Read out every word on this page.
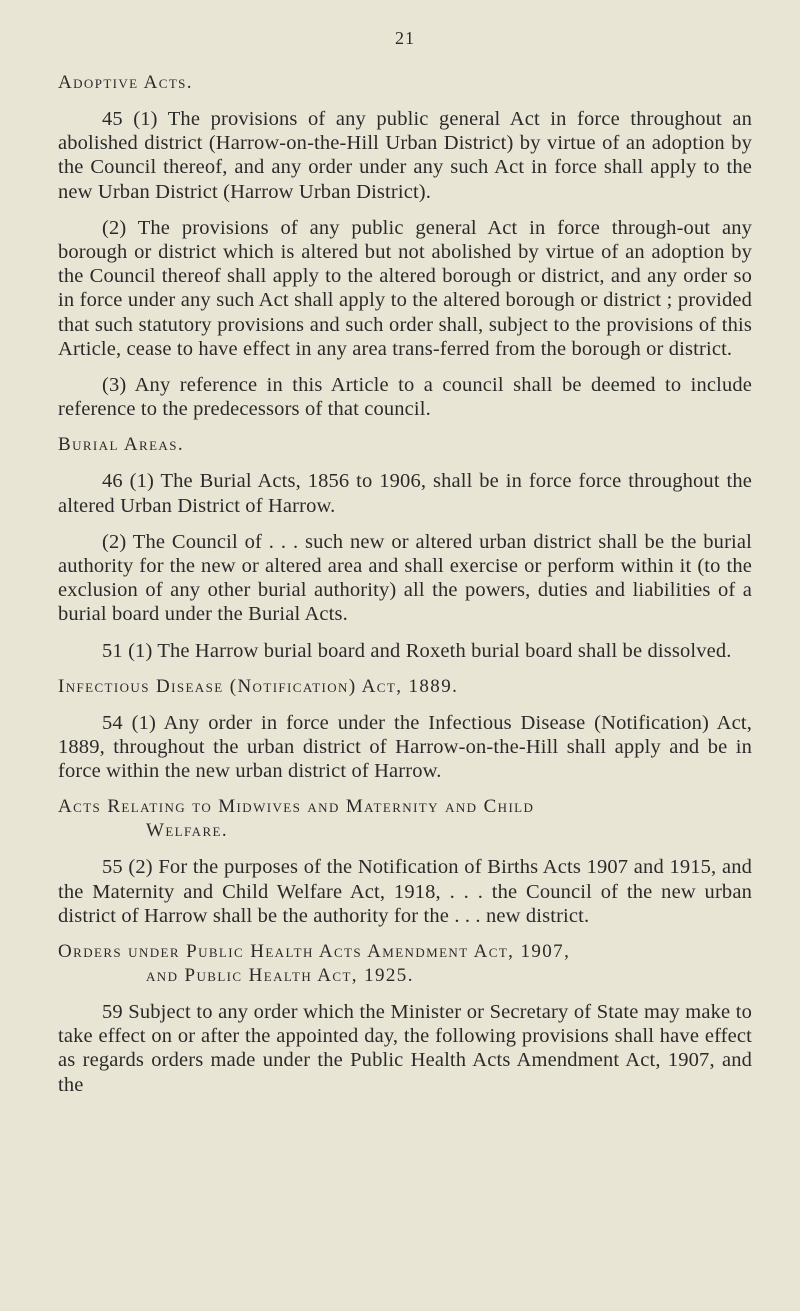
21
Adoptive Acts.

45 (1) The provisions of any public general Act in force throughout an abolished district (Harrow-on-the-Hill Urban District) by virtue of an adoption by the Council thereof, and any order under any such Act in force shall apply to the new Urban District (Harrow Urban District).

(2) The provisions of any public general Act in force through-out any borough or district which is altered but not abolished by virtue of an adoption by the Council thereof shall apply to the altered borough or district, and any order so in force under any such Act shall apply to the altered borough or district ; provided that such statutory provisions and such order shall, subject to the provisions of this Article, cease to have effect in any area trans-ferred from the borough or district.

(3) Any reference in this Article to a council shall be deemed to include reference to the predecessors of that council.

Burial Areas.

46 (1) The Burial Acts, 1856 to 1906, shall be in force force throughout the altered Urban District of Harrow.

(2) The Council of . . . such new or altered urban district shall be the burial authority for the new or altered area and shall exercise or perform within it (to the exclusion of any other burial authority) all the powers, duties and liabilities of a burial board under the Burial Acts.

51 (1) The Harrow burial board and Roxeth burial board shall be dissolved.

Infectious Disease (Notification) Act, 1889.

54 (1) Any order in force under the Infectious Disease (Notification) Act, 1889, throughout the urban district of Harrow-on-the-Hill shall apply and be in force within the new urban district of Harrow.

Acts Relating to Midwives and Maternity and Child
Welfare.

55 (2) For the purposes of the Notification of Births Acts 1907 and 1915, and the Maternity and Child Welfare Act, 1918, . . . the Council of the new urban district of Harrow shall be the authority for the . . . new district.

Orders under Public Health Acts Amendment Act, 1907,
and Public Health Act, 1925.

59 Subject to any order which the Minister or Secretary of State may make to take effect on or after the appointed day, the following provisions shall have effect as regards orders made under the Public Health Acts Amendment Act, 1907, and the
